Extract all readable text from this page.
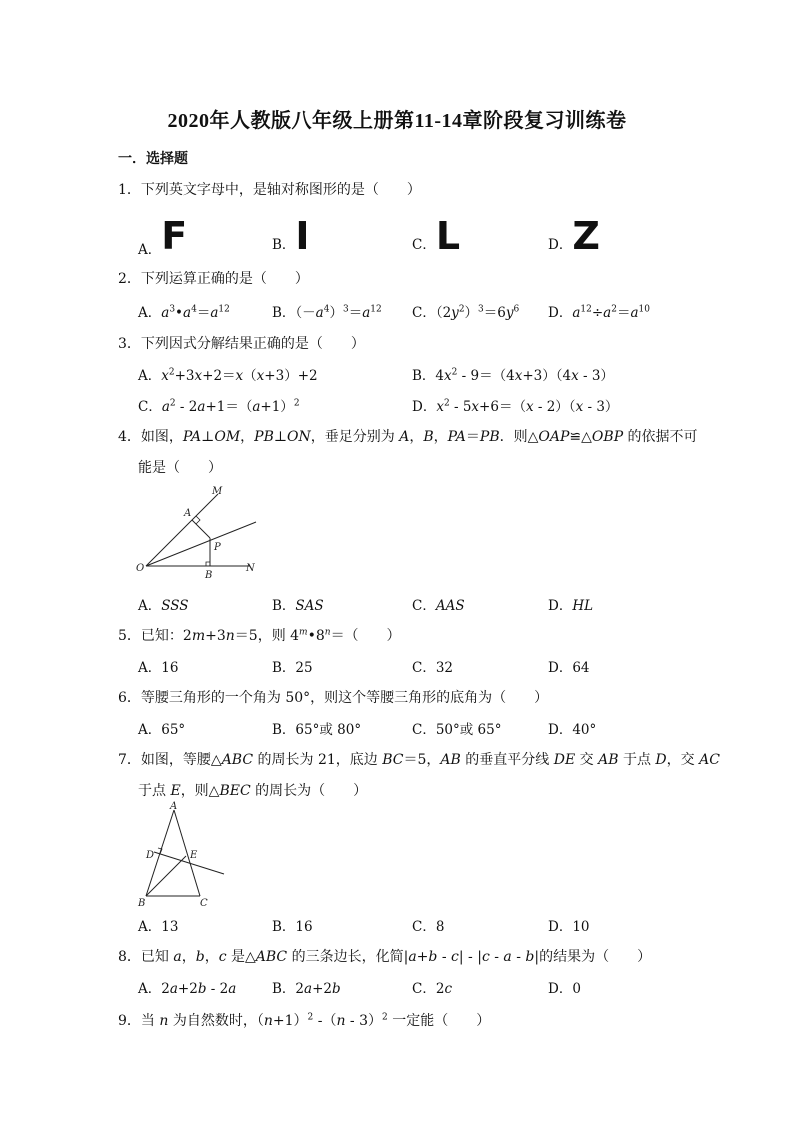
2020年人教版八年级上册第11-14章阶段复习训练卷
一．选择题
1．下列英文字母中，是轴对称图形的是（　　）
A．F	B．I	C．L	D．Z
2．下列运算正确的是（　　）
A．$a^3•a^4=a^{12}$	B．$(-a^4)^3=a^{12}$ C．$(2y^2)^3=6y^6$ D．$a^{12}\div a^2=a^{10}$
3．下列因式分解结果正确的是（　　）
A．$x^2+3x+2=x(x+3)+2$	B．$4x^2 - 9=(4x+3)(4x - 3)$
C．$a^2 - 2a+1=(a+1)^2$	D．$x^2 - 5x+6=(x - 2)(x - 3)$
4．如图，PA⊥OM，PB⊥ON，垂足分别为 A，B，PA＝PB．则△OAP≌△OBP 的依据不可
能是（　　）
M
A
P
O
B
N
A．SSS	B．SAS	C．AAS	D．HL
5．已知：2m+3n＝5，则 $4^m•8^n=$（　　）
A．16	B．25	C．32	D．64
6．等腰三角形的一个角为 50°，则这个等腰三角形的底角为（　　）
A．65°	B．65°或 80°	C．50°或 65°	D．40°
7．如图，等腰△ABC 的周长为 21，底边 BC＝5，AB 的垂直平分线 DE 交 AB 于点 D，交 AC
于点 E，则△BEC 的周长为（　　）
A
D	E
B	C
A．13	B．16	C．8	D．10
8．已知 a，b，c 是△ABC 的三条边长，化简|a+b - c| - |c - a - b|的结果为（　　）
A．2a+2b - 2a	B．2a+2b	C．2c	D．0
9．当 n 为自然数时，$(n+1)^2$ -（n - 3）$^2$ 一定能（　　）
